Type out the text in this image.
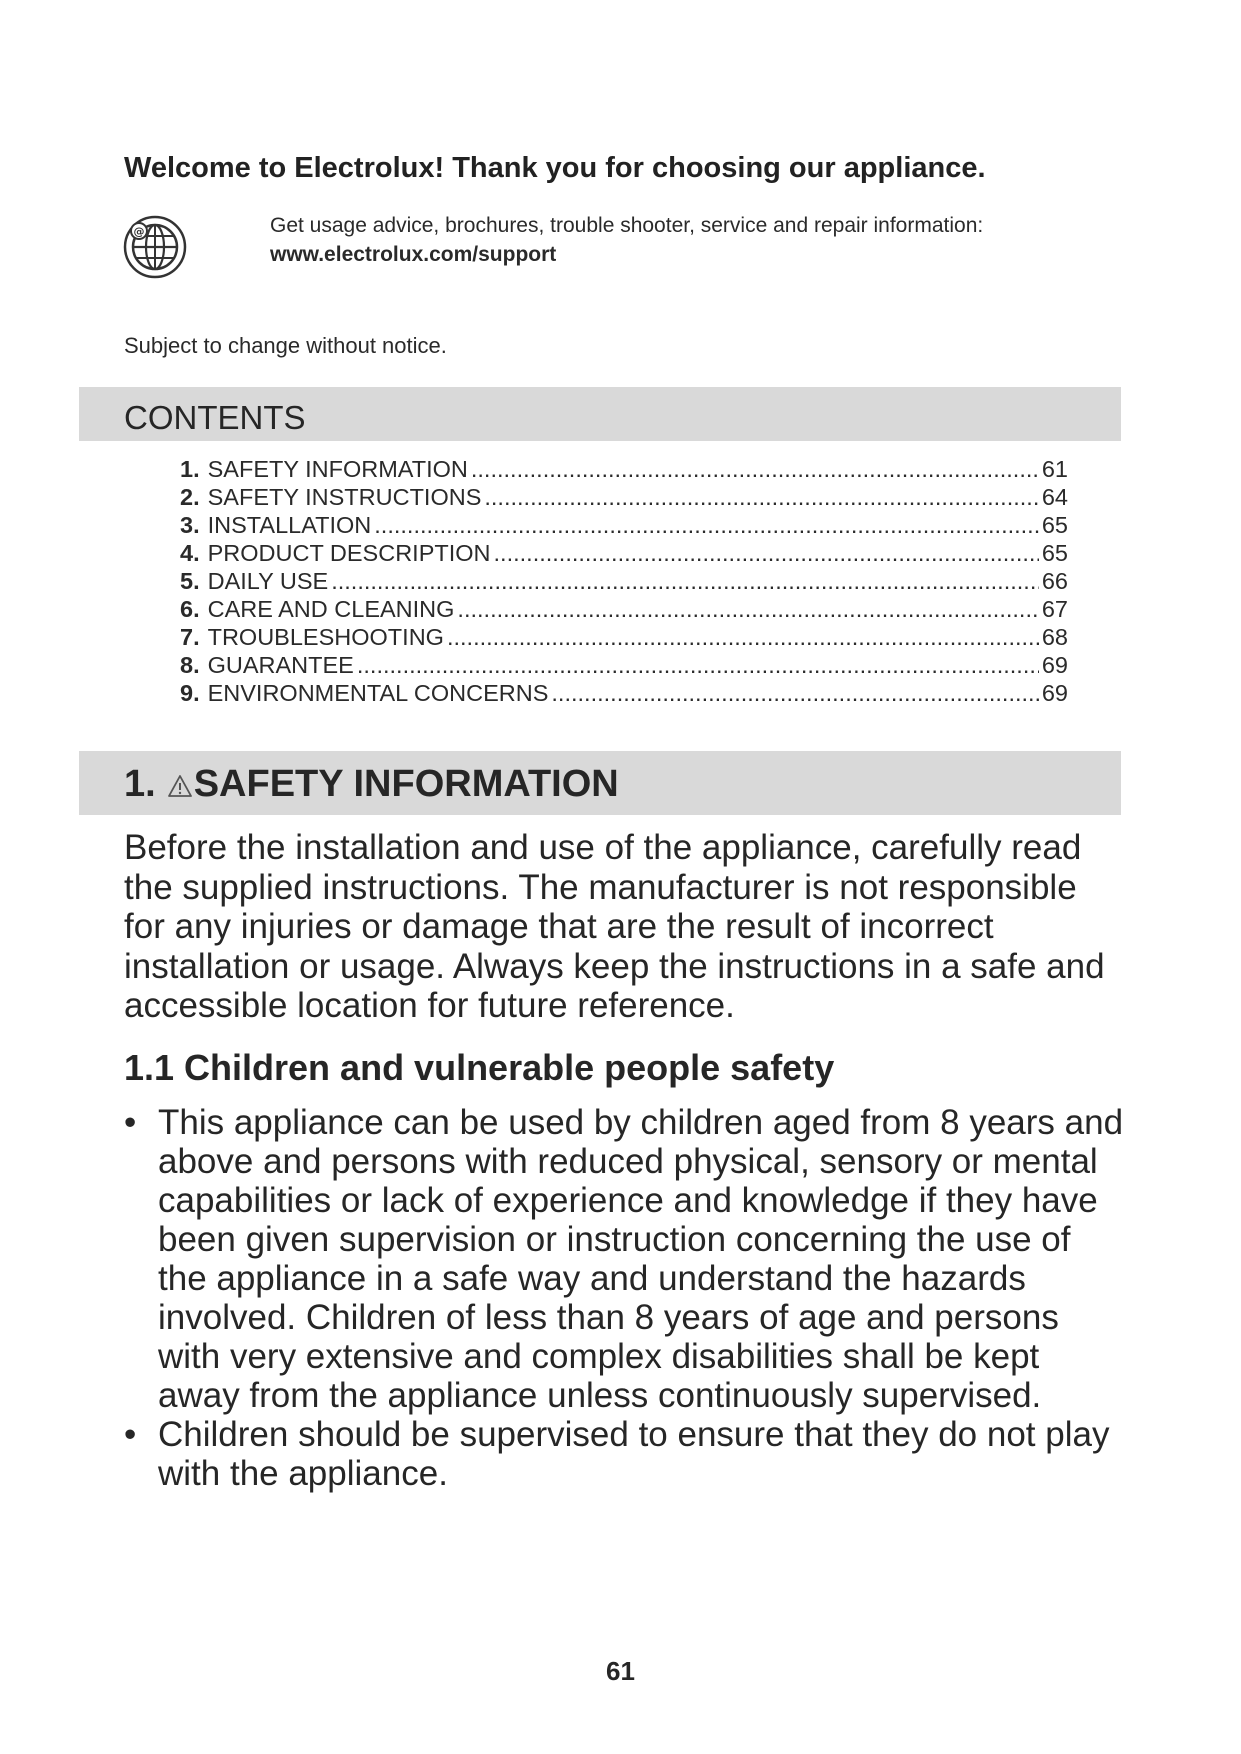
Welcome to Electrolux! Thank you for choosing our appliance.
@	Get usage advice, brochures, trouble shooter, service and repair information:
www.electrolux.com/support
Subject to change without notice.
CONTENTS
1. SAFETY INFORMATION .....	61
2. SAFETY INSTRUCTIONS .....	64
3. INSTALLATION .....	65
4. PRODUCT DESCRIPTION .....	65
5. DAILY USE .....	66
6. CARE AND CLEANING .....	67
7. TROUBLESHOOTING .....	68
8. GUARANTEE .....	69
9. ENVIRONMENTAL CONCERNS .....	69
1. SAFETY INFORMATION
Before the installation and use of the appliance, carefully read the supplied instructions. The manufacturer is not responsible for any injuries or damage that are the result of incorrect installation or usage. Always keep the instructions in a safe and accessible location for future reference.
1.1 Children and vulnerable people safety
• This appliance can be used by children aged from 8 years and above and persons with reduced physical, sensory or mental capabilities or lack of experience and knowledge if they have been given supervision or instruction concerning the use of the appliance in a safe way and understand the hazards involved. Children of less than 8 years of age and persons with very extensive and complex disabilities shall be kept away from the appliance unless continuously supervised.
• Children should be supervised to ensure that they do not play with the appliance.
61
